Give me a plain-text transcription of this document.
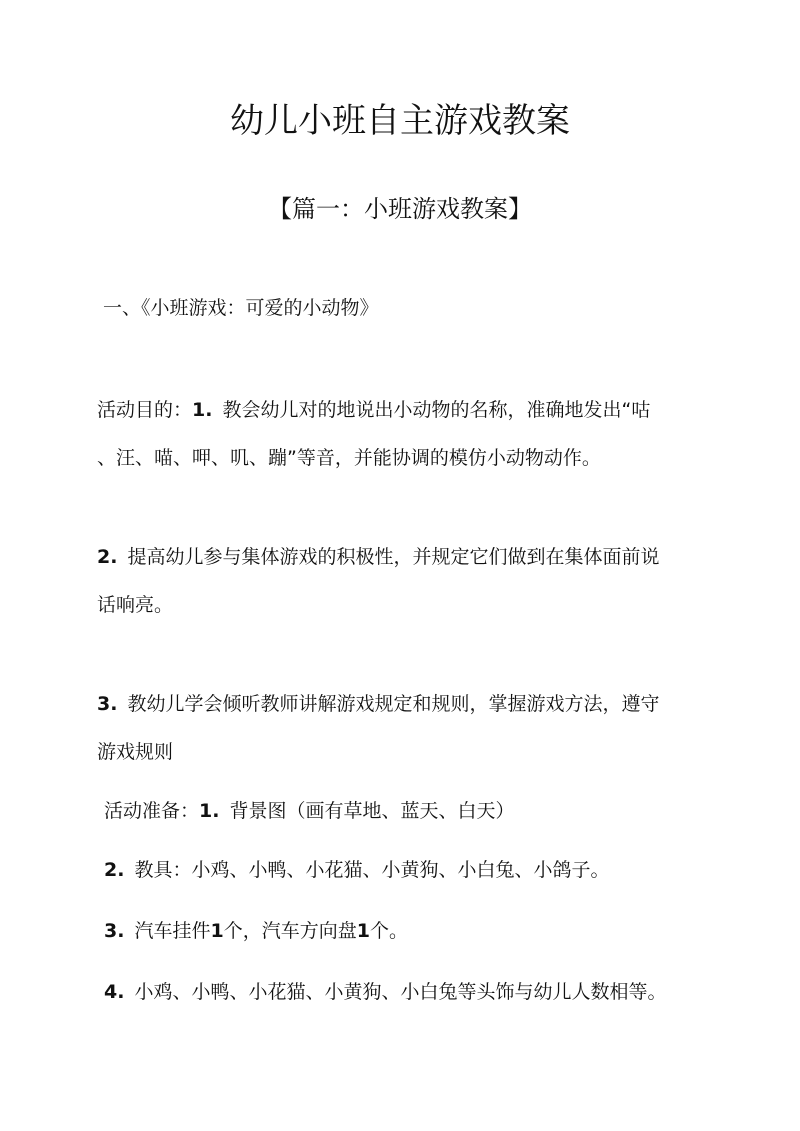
幼儿小班自主游戏教案
【篇一：小班游戏教案】
一、《小班游戏：可爱的小动物》
活动目的：1. 教会幼儿对的地说出小动物的名称，准确地发出“咕
、汪、喵、呷、叽、蹦”等音，并能协调的模仿小动物动作。
2. 提高幼儿参与集体游戏的积极性，并规定它们做到在集体面前说
话响亮。
3. 教幼儿学会倾听教师讲解游戏规定和规则，掌握游戏方法，遵守
游戏规则
活动准备：1. 背景图（画有草地、蓝天、白天）
2. 教具：小鸡、小鸭、小花猫、小黄狗、小白兔、小鸽子。
3. 汽车挂件1个，汽车方向盘1个。
4. 小鸡、小鸭、小花猫、小黄狗、小白兔等头饰与幼儿人数相等。
